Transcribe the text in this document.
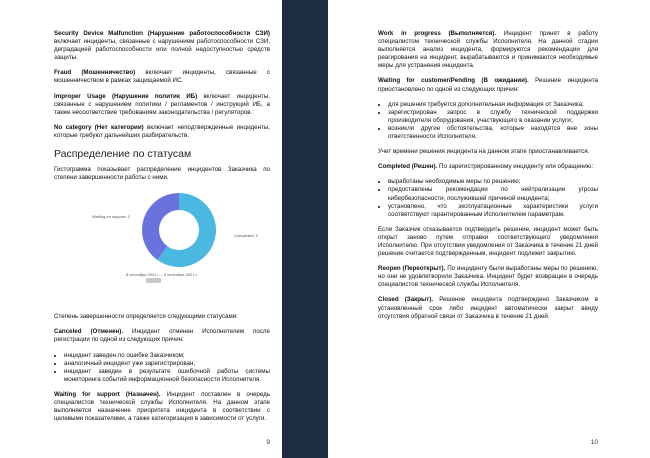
Security Device Malfunction (Нарушение работоспособности СЗИ) включает инциденты, связанные с нарушением работоспособности СЗИ, деградацией работоспособности или полной недоступностью средств защиты.

Fraud (Мошенничество) включает инциденты, связанные с мошенничеством в рамках защищаемой ИС.

Improper Usage (Нарушение политик ИБ) включает инциденты, связанные с нарушением политики / регламентов / инструкций ИБ, а также несоответствие требованиям законодательства / регуляторов.

No category (Нет категории) включает неподтвержденные инциденты, которые требуют дальнейших разбирательств.

Распределение по статусам

Гистограмма показывает распределение инцидентов Заказчика по степени завершенности работы с ними.

Waiting for support: 2
Completed: 3
8 сентября 2021 г. – 9 сентября 2021 г.

Степень завершенности определяется следующими статусами:

Canceled (Отменен). Инцидент отменен Исполнителем после регистрации по одной из следующих причин:

• инцидент заведен по ошибке Заказчиком;
• аналогичный инцидент уже зарегистрирован;
• инцидент заведен в результате ошибочной работы системы мониторинга событий информационной безопасности Исполнителя.

Waiting for support (Назначен). Инцидент поставлен в очередь специалистов технической службы Исполнителя. На данном этапе выполняется назначение приоритета инцидента в соответствии с целевыми показателями, а также категоризация в зависимости от услуги.

9

Work in progress (Выполняется). Инцидент принят в работу специалистом технической службы Исполнителя. На данной стадии выполняется анализ инцидента, формируются рекомендации для реагирования на инцидент, вырабатываются и принимаются необходимые меры для устранения инцидента.

Waiting for customer/Pending (В ожидании). Решение инцидента приостановлено по одной из следующих причин:

• для решения требуется дополнительная информация от Заказчика;
• зарегистрирован запрос в службу технической поддержки производителя оборудования, участвующего в оказании услуги;
• возникли другие обстоятельства, которые находятся вне зоны ответственности Исполнителя.

Учет времени решения инцидента на данном этапе приостанавливается.

Completed (Решен). По зарегистрированному инциденту или обращению:

• выработаны необходимые меры по решению;
• предоставлены рекомендации по нейтрализации угрозы кибербезопасности, послужившей причиной инцидента;
• установлено, что эксплуатационные характеристики услуги соответствуют гарантированным Исполнителем параметрам.

Если Заказчик отказывается подтвердить решение, инцидент может быть открыт заново путем отправки соответствующего уведомления Исполнителю. При отсутствии уведомления от Заказчика в течение 21 дней решение считается подтвержденным, инцидент подлежит закрытию.

Reopen (Переоткрыт). По инциденту были выработаны меры по решению, но они не удовлетворили Заказчика. Инцидент будет возвращен в очередь специалистов технической службы Исполнителя.

Closed (Закрыт). Решение инцидента подтверждено Заказчиком в установленный срок либо инцидент автоматически закрыт ввиду отсутствия обратной связи от Заказчика в течение 21 дней.

10
